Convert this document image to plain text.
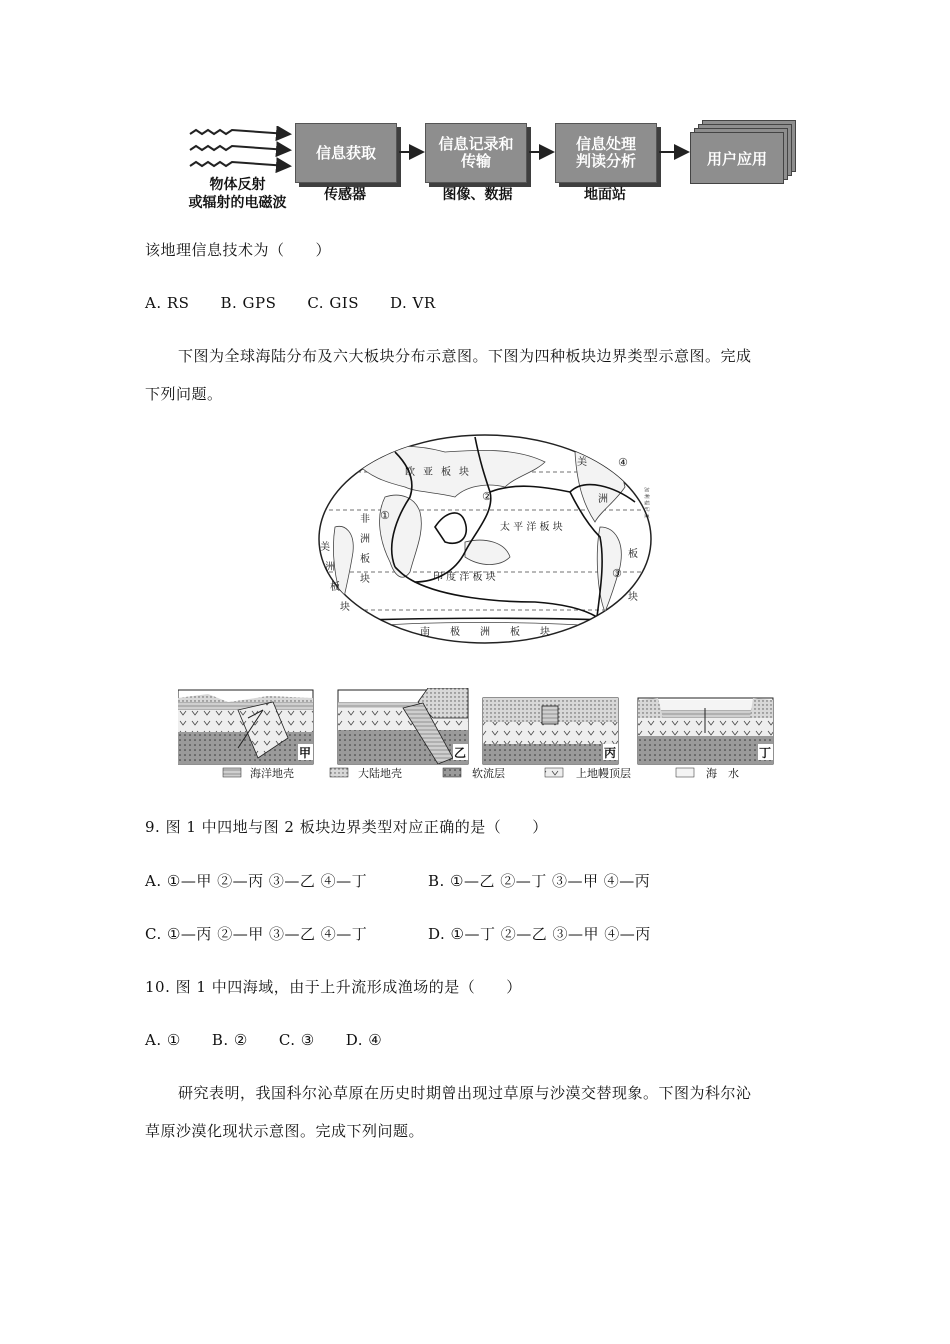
信息获取	信息记录和
传输
信息处理
判读分析	用户应用
物体反射
或辐射的电磁波	传感器	图像、数据	地面站
该地理信息技术为（　　）
A. RS　　B. GPS　　C. GIS　　D. VR
下图为全球海陆分布及六大板块分布示意图。下图为四种板块边界类型示意图。完成
下列问题。
欧 亚 板 块
非
洲
板
块
太 平 洋 板 块
印 度 洋 板 块
南 极 洲 板 块
美
洲
板
块
美
洲
板
块
加 利 福 尼 亚
①
②
③
④
甲	乙	丙	丁
海洋地壳	大陆地壳	软流层	上地幔顶层	海　水
9. 图 1 中四地与图 2 板块边界类型对应正确的是（　　）
A. ①—甲 ②—丙 ③—乙 ④—丁	B. ①—乙 ②—丁 ③—甲 ④—丙
C. ①—丙 ②—甲 ③—乙 ④—丁	D. ①—丁 ②—乙 ③—甲 ④—丙
10. 图 1 中四海域，由于上升流形成渔场的是（　　）
A. ①　　B. ②　　C. ③　　D. ④
研究表明，我国科尔沁草原在历史时期曾出现过草原与沙漠交替现象。下图为科尔沁
草原沙漠化现状示意图。完成下列问题。
